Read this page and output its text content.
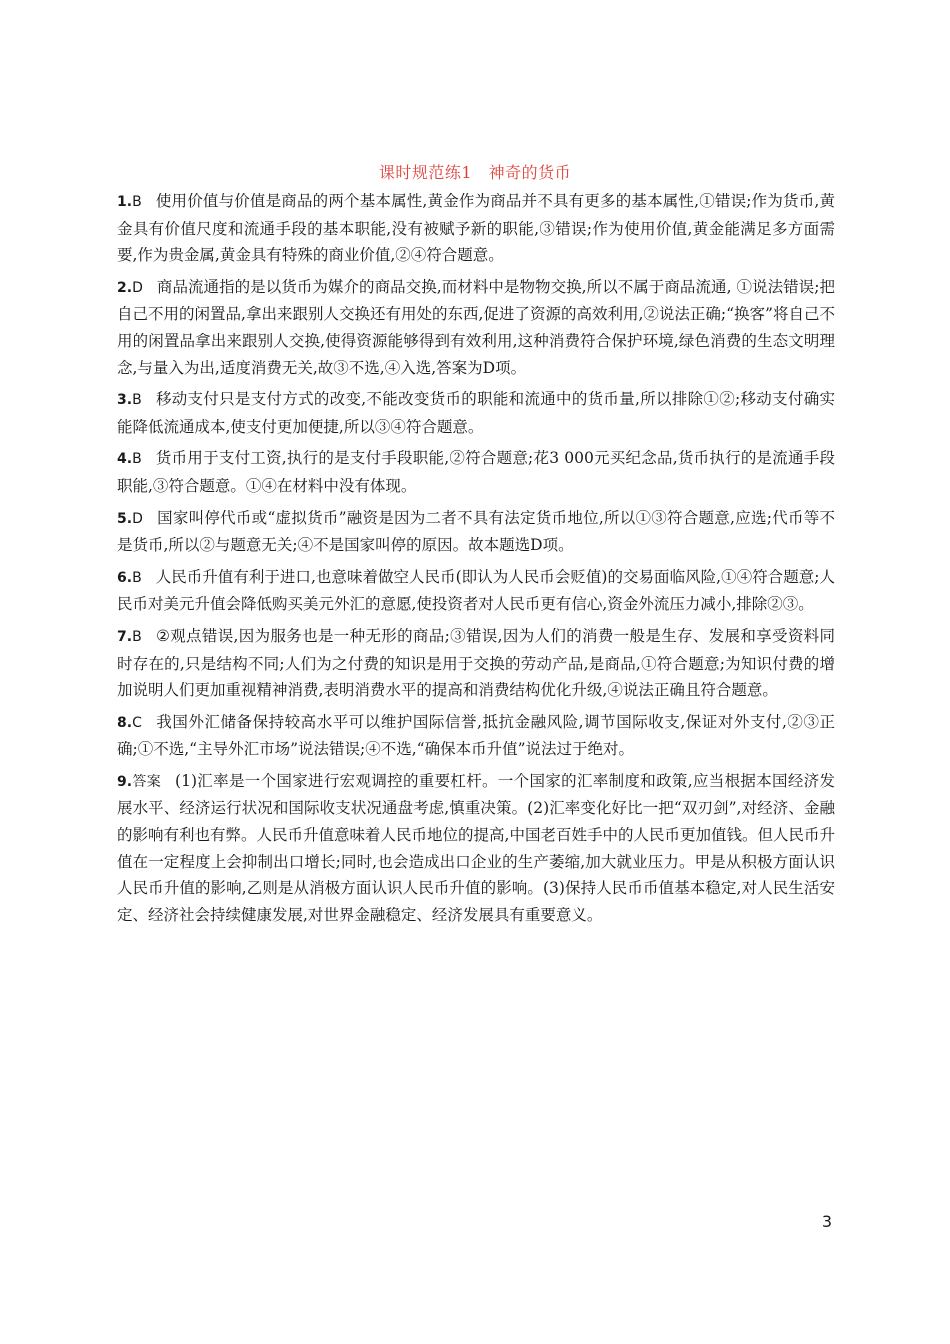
课时规范练1　神奇的货币

1.B 使用价值与价值是商品的两个基本属性,黄金作为商品并不具有更多的基本属性,①错误;作为货币,黄金具有价值尺度和流通手段的基本职能,没有被赋予新的职能,③错误;作为使用价值,黄金能满足多方面需要,作为贵金属,黄金具有特殊的商业价值,②④符合题意。

2.D 商品流通指的是以货币为媒介的商品交换,而材料中是物物交换,所以不属于商品流通, ①说法错误;把自己不用的闲置品,拿出来跟别人交换还有用处的东西,促进了资源的高效利用,②说法正确;“换客”将自己不用的闲置品拿出来跟别人交换,使得资源能够得到有效利用,这种消费符合保护环境,绿色消费的生态文明理念,与量入为出,适度消费无关,故③不选,④入选,答案为D项。

3.B 移动支付只是支付方式的改变,不能改变货币的职能和流通中的货币量,所以排除①②;移动支付确实能降低流通成本,使支付更加便捷,所以③④符合题意。

4.B 货币用于支付工资,执行的是支付手段职能,②符合题意;花3 000元买纪念品,货币执行的是流通手段职能,③符合题意。①④在材料中没有体现。

5.D 国家叫停代币或“虚拟货币”融资是因为二者不具有法定货币地位,所以①③符合题意,应选;代币等不是货币,所以②与题意无关;④不是国家叫停的原因。故本题选D项。

6.B 人民币升值有利于进口,也意味着做空人民币(即认为人民币会贬值)的交易面临风险,①④符合题意;人民币对美元升值会降低购买美元外汇的意愿,使投资者对人民币更有信心,资金外流压力减小,排除②③。

7.B ②观点错误,因为服务也是一种无形的商品;③错误,因为人们的消费一般是生存、发展和享受资料同时存在的,只是结构不同;人们为之付费的知识是用于交换的劳动产品,是商品,①符合题意;为知识付费的增加说明人们更加重视精神消费,表明消费水平的提高和消费结构优化升级,④说法正确且符合题意。

8.C 我国外汇储备保持较高水平可以维护国际信誉,抵抗金融风险,调节国际收支,保证对外支付,②③正确;①不选,“主导外汇市场”说法错误;④不选,“确保本币升值”说法过于绝对。

9.答案 (1)汇率是一个国家进行宏观调控的重要杠杆。一个国家的汇率制度和政策,应当根据本国经济发展水平、经济运行状况和国际收支状况通盘考虑,慎重决策。(2)汇率变化好比一把“双刃剑”,对经济、金融的影响有利也有弊。人民币升值意味着人民币地位的提高,中国老百姓手中的人民币更加值钱。但人民币升值在一定程度上会抑制出口增长;同时,也会造成出口企业的生产萎缩,加大就业压力。甲是从积极方面认识人民币升值的影响,乙则是从消极方面认识人民币升值的影响。(3)保持人民币币值基本稳定,对人民生活安定、经济社会持续健康发展,对世界金融稳定、经济发展具有重要意义。

3
